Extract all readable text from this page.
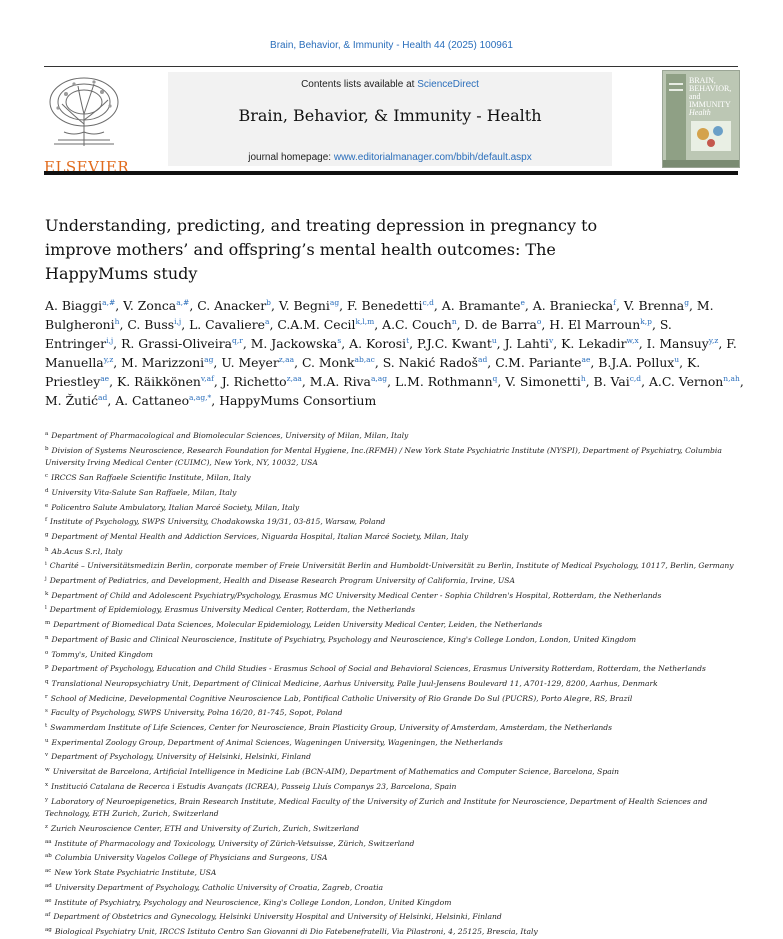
Brain, Behavior, & Immunity - Health 44 (2025) 100961
ELSEVIER
Contents lists available at ScienceDirect
Brain, Behavior, & Immunity - Health
journal homepage: www.editorialmanager.com/bbih/default.aspx
BRAIN,
BEHAVIOR,
and IMMUNITY
Health
Understanding, predicting, and treating depression in pregnancy to improve mothers’ and offspring’s mental health outcomes: The HappyMums study
A. Biaggi$^{a,\#}$, V. Zonca$^{a,\#}$, C. Anacker$^b$, V. Begni$^{ag}$, F. Benedetti$^{c,d}$, A. Bramante$^e$, A. Braniecka$^f$, V. Brenna$^g$, M. Bulgheroni$^h$, C. Buss$^{i,j}$, L. Cavaliere$^a$, C.A.M. Cecil$^{k,l,m}$, A.C. Couch$^n$, D. de Barra$^o$, H. El Marroun$^{k,p}$, S. Entringer$^{i,j}$, R. Grassi-Oliveira$^{q,r}$, M. Jackowska$^s$, A. Korosi$^t$, P.J.C. Kwant$^u$, J. Lahti$^v$, K. Lekadir$^{w,x}$, I. Mansuy$^{y,z}$, F. Manuella$^{y,z}$, M. Marizzoni$^{ag}$, U. Meyer$^{z,aa}$, C. Monk$^{ab,ac}$, S. Nakić Radoš$^{ad}$, C.M. Pariante$^{ae}$, B.J.A. Pollux$^u$, K. Priestley$^{ae}$, K. Räikkönen$^{v,af}$, J. Richetto$^{z,aa}$, M.A. Riva$^{a,ag}$, L.M. Rothmann$^q$, V. Simonetti$^h$, B. Vai$^{c,d}$, A.C. Vernon$^{n,ah}$, M. Žutić$^{ad}$, A. Cattaneo$^{a,ag,*}$, HappyMums Consortium
$^a$ Department of Pharmacological and Biomolecular Sciences, University of Milan, Milan, Italy
$^b$ Division of Systems Neuroscience, Research Foundation for Mental Hygiene, Inc.(RFMH) / New York State Psychiatric Institute (NYSPI), Department of Psychiatry, Columbia University Irving Medical Center (CUIMC), New York, NY, 10032, USA
$^c$ IRCCS San Raffaele Scientific Institute, Milan, Italy
$^d$ University Vita-Salute San Raffaele, Milan, Italy
$^e$ Policentro Salute Ambulatory, Italian Marcé Society, Milan, Italy
$^f$ Institute of Psychology, SWPS University, Chodakowska 19/31, 03-815, Warsaw, Poland
$^g$ Department of Mental Health and Addiction Services, Niguarda Hospital, Italian Marcé Society, Milan, Italy
$^h$ Ab.Acus S.r.l, Italy
$^i$ Charité – Universitätsmedizin Berlin, corporate member of Freie Universität Berlin and Humboldt-Universität zu Berlin, Institute of Medical Psychology, 10117, Berlin, Germany
$^j$ Department of Pediatrics, and Development, Health and Disease Research Program University of California, Irvine, USA
$^k$ Department of Child and Adolescent Psychiatry/Psychology, Erasmus MC University Medical Center - Sophia Children's Hospital, Rotterdam, the Netherlands
$^l$ Department of Epidemiology, Erasmus University Medical Center, Rotterdam, the Netherlands
$^m$ Department of Biomedical Data Sciences, Molecular Epidemiology, Leiden University Medical Center, Leiden, the Netherlands
$^n$ Department of Basic and Clinical Neuroscience, Institute of Psychiatry, Psychology and Neuroscience, King's College London, London, United Kingdom
$^o$ Tommy's, United Kingdom
$^p$ Department of Psychology, Education and Child Studies - Erasmus School of Social and Behavioral Sciences, Erasmus University Rotterdam, Rotterdam, the Netherlands
$^q$ Translational Neuropsychiatry Unit, Department of Clinical Medicine, Aarhus University, Palle Juul-Jensens Boulevard 11, A701-129, 8200, Aarhus, Denmark
$^r$ School of Medicine, Developmental Cognitive Neuroscience Lab, Pontifical Catholic University of Rio Grande Do Sul (PUCRS), Porto Alegre, RS, Brazil
$^s$ Faculty of Psychology, SWPS University, Polna 16/20, 81-745, Sopot, Poland
$^t$ Swammerdam Institute of Life Sciences, Center for Neuroscience, Brain Plasticity Group, University of Amsterdam, Amsterdam, the Netherlands
$^u$ Experimental Zoology Group, Department of Animal Sciences, Wageningen University, Wageningen, the Netherlands
$^v$ Department of Psychology, University of Helsinki, Helsinki, Finland
$^w$ Universitat de Barcelona, Artificial Intelligence in Medicine Lab (BCN-AIM), Department of Mathematics and Computer Science, Barcelona, Spain
$^x$ Institució Catalana de Recerca i Estudis Avançats (ICREA), Passeig Lluís Companys 23, Barcelona, Spain
$^y$ Laboratory of Neuroepigenetics, Brain Research Institute, Medical Faculty of the University of Zurich and Institute for Neuroscience, Department of Health Sciences and Technology, ETH Zurich, Zurich, Switzerland
$^z$ Zurich Neuroscience Center, ETH and University of Zurich, Zurich, Switzerland
$^{aa}$ Institute of Pharmacology and Toxicology, University of Zürich-Vetsuisse, Zürich, Switzerland
$^{ab}$ Columbia University Vagelos College of Physicians and Surgeons, USA
$^{ac}$ New York State Psychiatric Institute, USA
$^{ad}$ University Department of Psychology, Catholic University of Croatia, Zagreb, Croatia
$^{ae}$ Institute of Psychiatry, Psychology and Neuroscience, King's College London, London, United Kingdom
$^{af}$ Department of Obstetrics and Gynecology, Helsinki University Hospital and University of Helsinki, Helsinki, Finland
$^{ag}$ Biological Psychiatry Unit, IRCCS Istituto Centro San Giovanni di Dio Fatebenefratelli, Via Pilastroni, 4, 25125, Brescia, Italy
